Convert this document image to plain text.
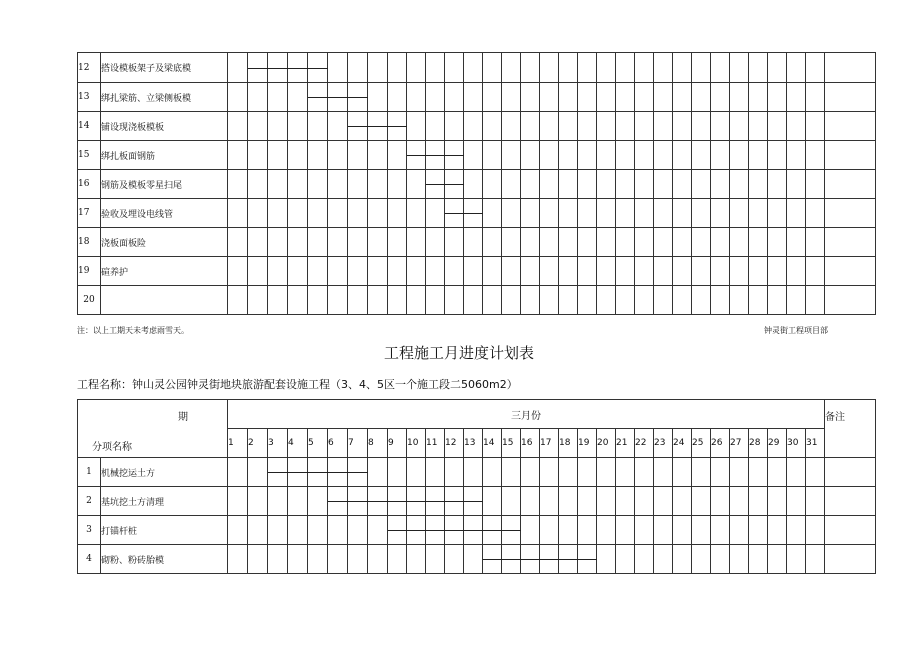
12	搭设模板架子及梁底模		

13	绑扎梁筋、立梁侧板模					

14	铺设现浇板模板							

15	绑扎板面钢筋										

16	钢筋及模板零星扫尾											

17	验收及埋设电线管												

18	浇板面板险																																
19	碹养护																																
20																																	
注：以上工期天未考虑雨雪天。	钟灵街工程项目部
工程施工月进度计划表
工程名称：钟山灵公园钟灵街地块旅游配套设施工程（3、4、5区一个施工段二5060m2）
期
分项名称		三月份																															备注
		1	2	3	4	5	6	7	8	9	10	11	12	13	14	15	16	17	18	19	20	21	22	23	24	25	26	27	28	29	30	31	
1	机械挖运土方			

2	基坑挖土方清理						

3	打锚杆桩									

4	砌粉、粉砖胎模														
